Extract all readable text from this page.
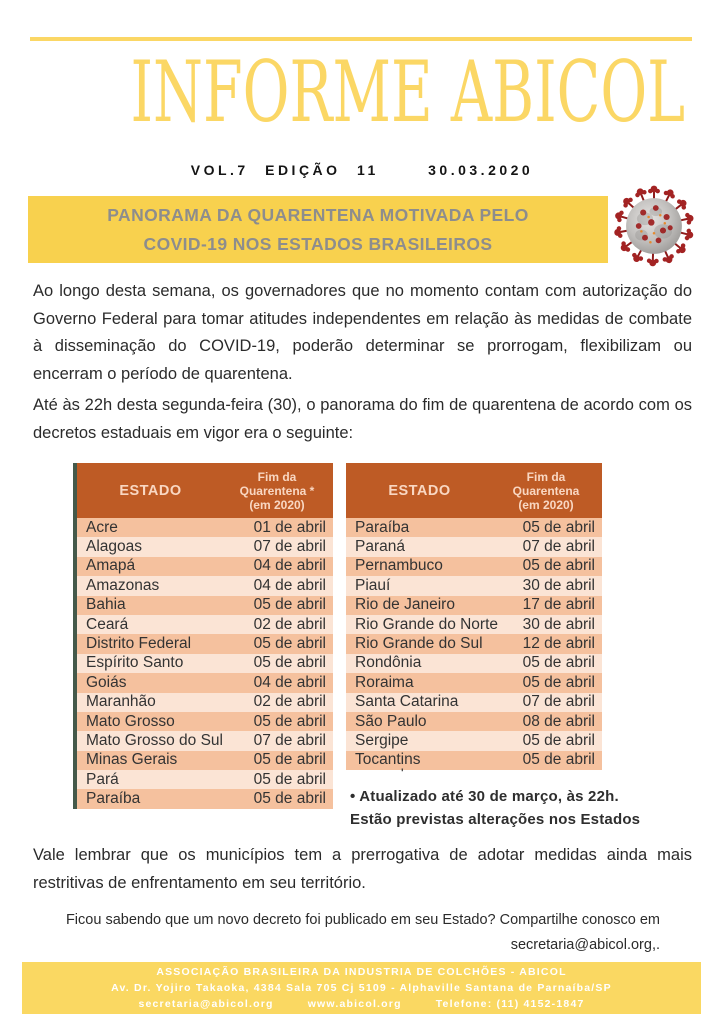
INFORME ABICOL
VOL.7 EDIÇÃO 11	30.03.2020
PANORAMA DA QUARENTENA MOTIVADA PELO
COVID-19 NOS ESTADOS BRASILEIROS
Ao longo desta semana, os governadores que no momento contam com autorização do Governo Federal para tomar atitudes independentes em relação às medidas de combate à disseminação do COVID-19, poderão determinar se prorrogam, flexibilizam ou encerram o período de quarentena.
Até às 22h desta segunda-feira (30), o panorama do fim de quarentena de acordo com os decretos estaduais em vigor era o seguinte:
ESTADO
Fim da
Quarentena *
(em 2020)
Acre	01 de abril
Alagoas	07 de abril
Amapá	04 de abril
Amazonas	04 de abril
Bahia	05 de abril
Ceará	02 de abril
Distrito Federal	05 de abril
Espírito Santo	05 de abril
Goiás	04 de abril
Maranhão	02 de abril
Mato Grosso	05 de abril
Mato Grosso do Sul	07 de abril
Minas Gerais	05 de abril
Pará	05 de abril
Paraíba	05 de abril
ESTADO
Fim da
Quarentena
(em 2020)
Paraíba	05 de abril
Paraná	07 de abril
Pernambuco	05 de abril
Piauí	30 de abril
Rio de Janeiro	17 de abril
Rio Grande do Norte	30 de abril
Rio Grande do Sul	12 de abril
Rondônia	05 de abril
Roraima	05 de abril
Santa Catarina	07 de abril
São Paulo	08 de abril
Sergipe	05 de abril
Tocantins	05 de abril
'
• Atualizado até 30 de março, às 22h.
Estão previstas alterações nos Estados
Vale lembrar que os municípios tem a prerrogativa de adotar medidas ainda mais restritivas de enfrentamento em seu território.
Ficou sabendo que um novo decreto foi publicado em seu Estado? Compartilhe conosco em secretaria@abicol.org,.
ASSOCIAÇÃO BRASILEIRA DA INDUSTRIA DE COLCHÕES - ABICOL
Av. Dr. Yojiro Takaoka, 4384 Sala 705 Cj 5109 - Alphaville Santana de Parnaíba/SP
secretaria@abicol.org	www.abicol.org	Telefone: (11) 4152-1847
